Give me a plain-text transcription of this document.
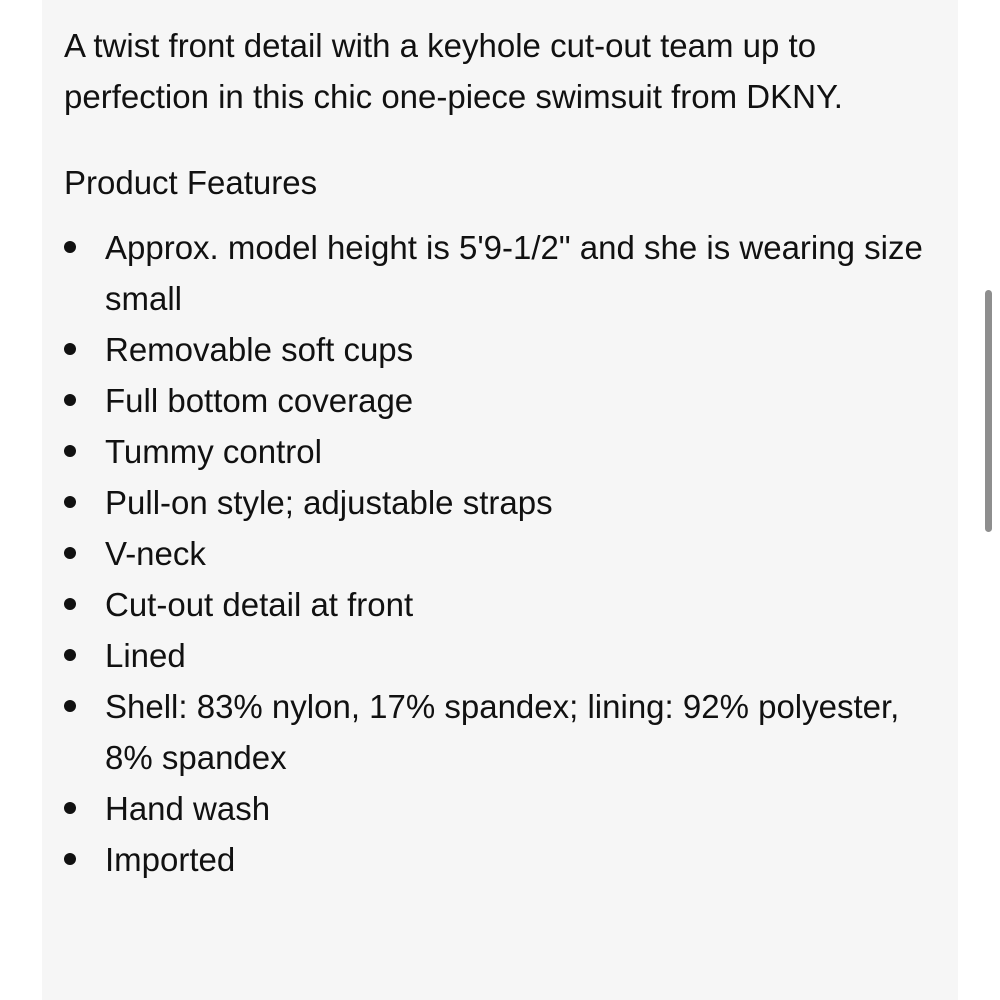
A twist front detail with a keyhole cut-out team up to perfection in this chic one-piece swimsuit from DKNY.

Product Features
Approx. model height is 5'9-1/2" and she is wearing size small
Removable soft cups
Full bottom coverage
Tummy control
Pull-on style; adjustable straps
V-neck
Cut-out detail at front
Lined
Shell: 83% nylon, 17% spandex; lining: 92% polyester, 8% spandex
Hand wash
Imported
